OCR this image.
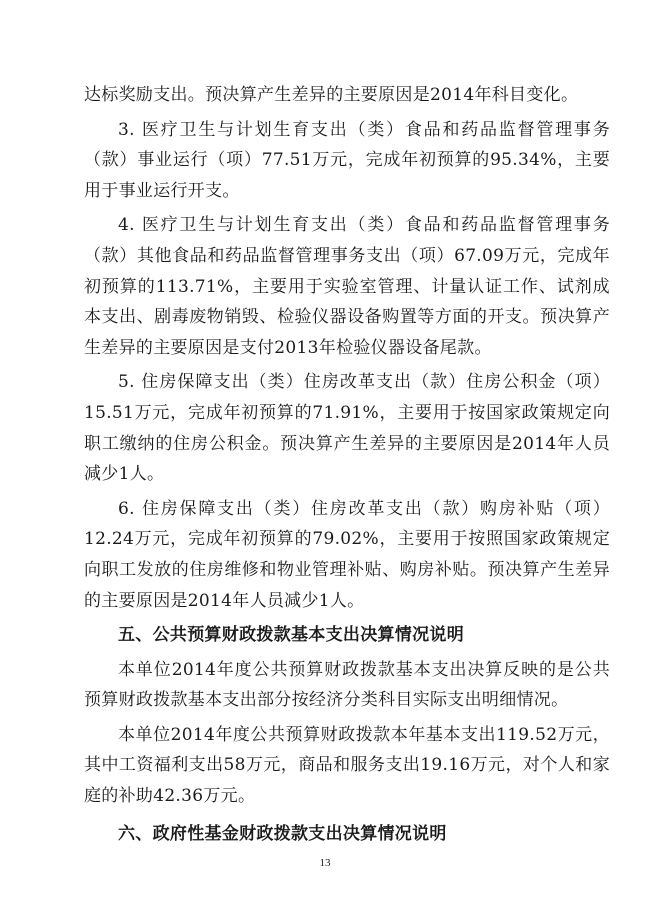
达标奖励支出。预决算产生差异的主要原因是2014年科目变化。

3. 医疗卫生与计划生育支出（类）食品和药品监督管理事务（款）事业运行（项）77.51万元，完成年初预算的95.34%，主要用于事业运行开支。

4. 医疗卫生与计划生育支出（类）食品和药品监督管理事务（款）其他食品和药品监督管理事务支出（项）67.09万元，完成年初预算的113.71%，主要用于实验室管理、计量认证工作、试剂成本支出、剧毒废物销毁、检验仪器设备购置等方面的开支。预决算产生差异的主要原因是支付2013年检验仪器设备尾款。

5. 住房保障支出（类）住房改革支出（款）住房公积金（项）15.51万元，完成年初预算的71.91%，主要用于按国家政策规定向职工缴纳的住房公积金。预决算产生差异的主要原因是2014年人员减少1人。

6. 住房保障支出（类）住房改革支出（款）购房补贴（项）12.24万元，完成年初预算的79.02%，主要用于按照国家政策规定向职工发放的住房维修和物业管理补贴、购房补贴。预决算产生差异的主要原因是2014年人员减少1人。

五、公共预算财政拨款基本支出决算情况说明

本单位2014年度公共预算财政拨款基本支出决算反映的是公共预算财政拨款基本支出部分按经济分类科目实际支出明细情况。

本单位2014年度公共预算财政拨款本年基本支出119.52万元，其中工资福利支出58万元，商品和服务支出19.16万元，对个人和家庭的补助42.36万元。

六、政府性基金财政拨款支出决算情况说明

13
